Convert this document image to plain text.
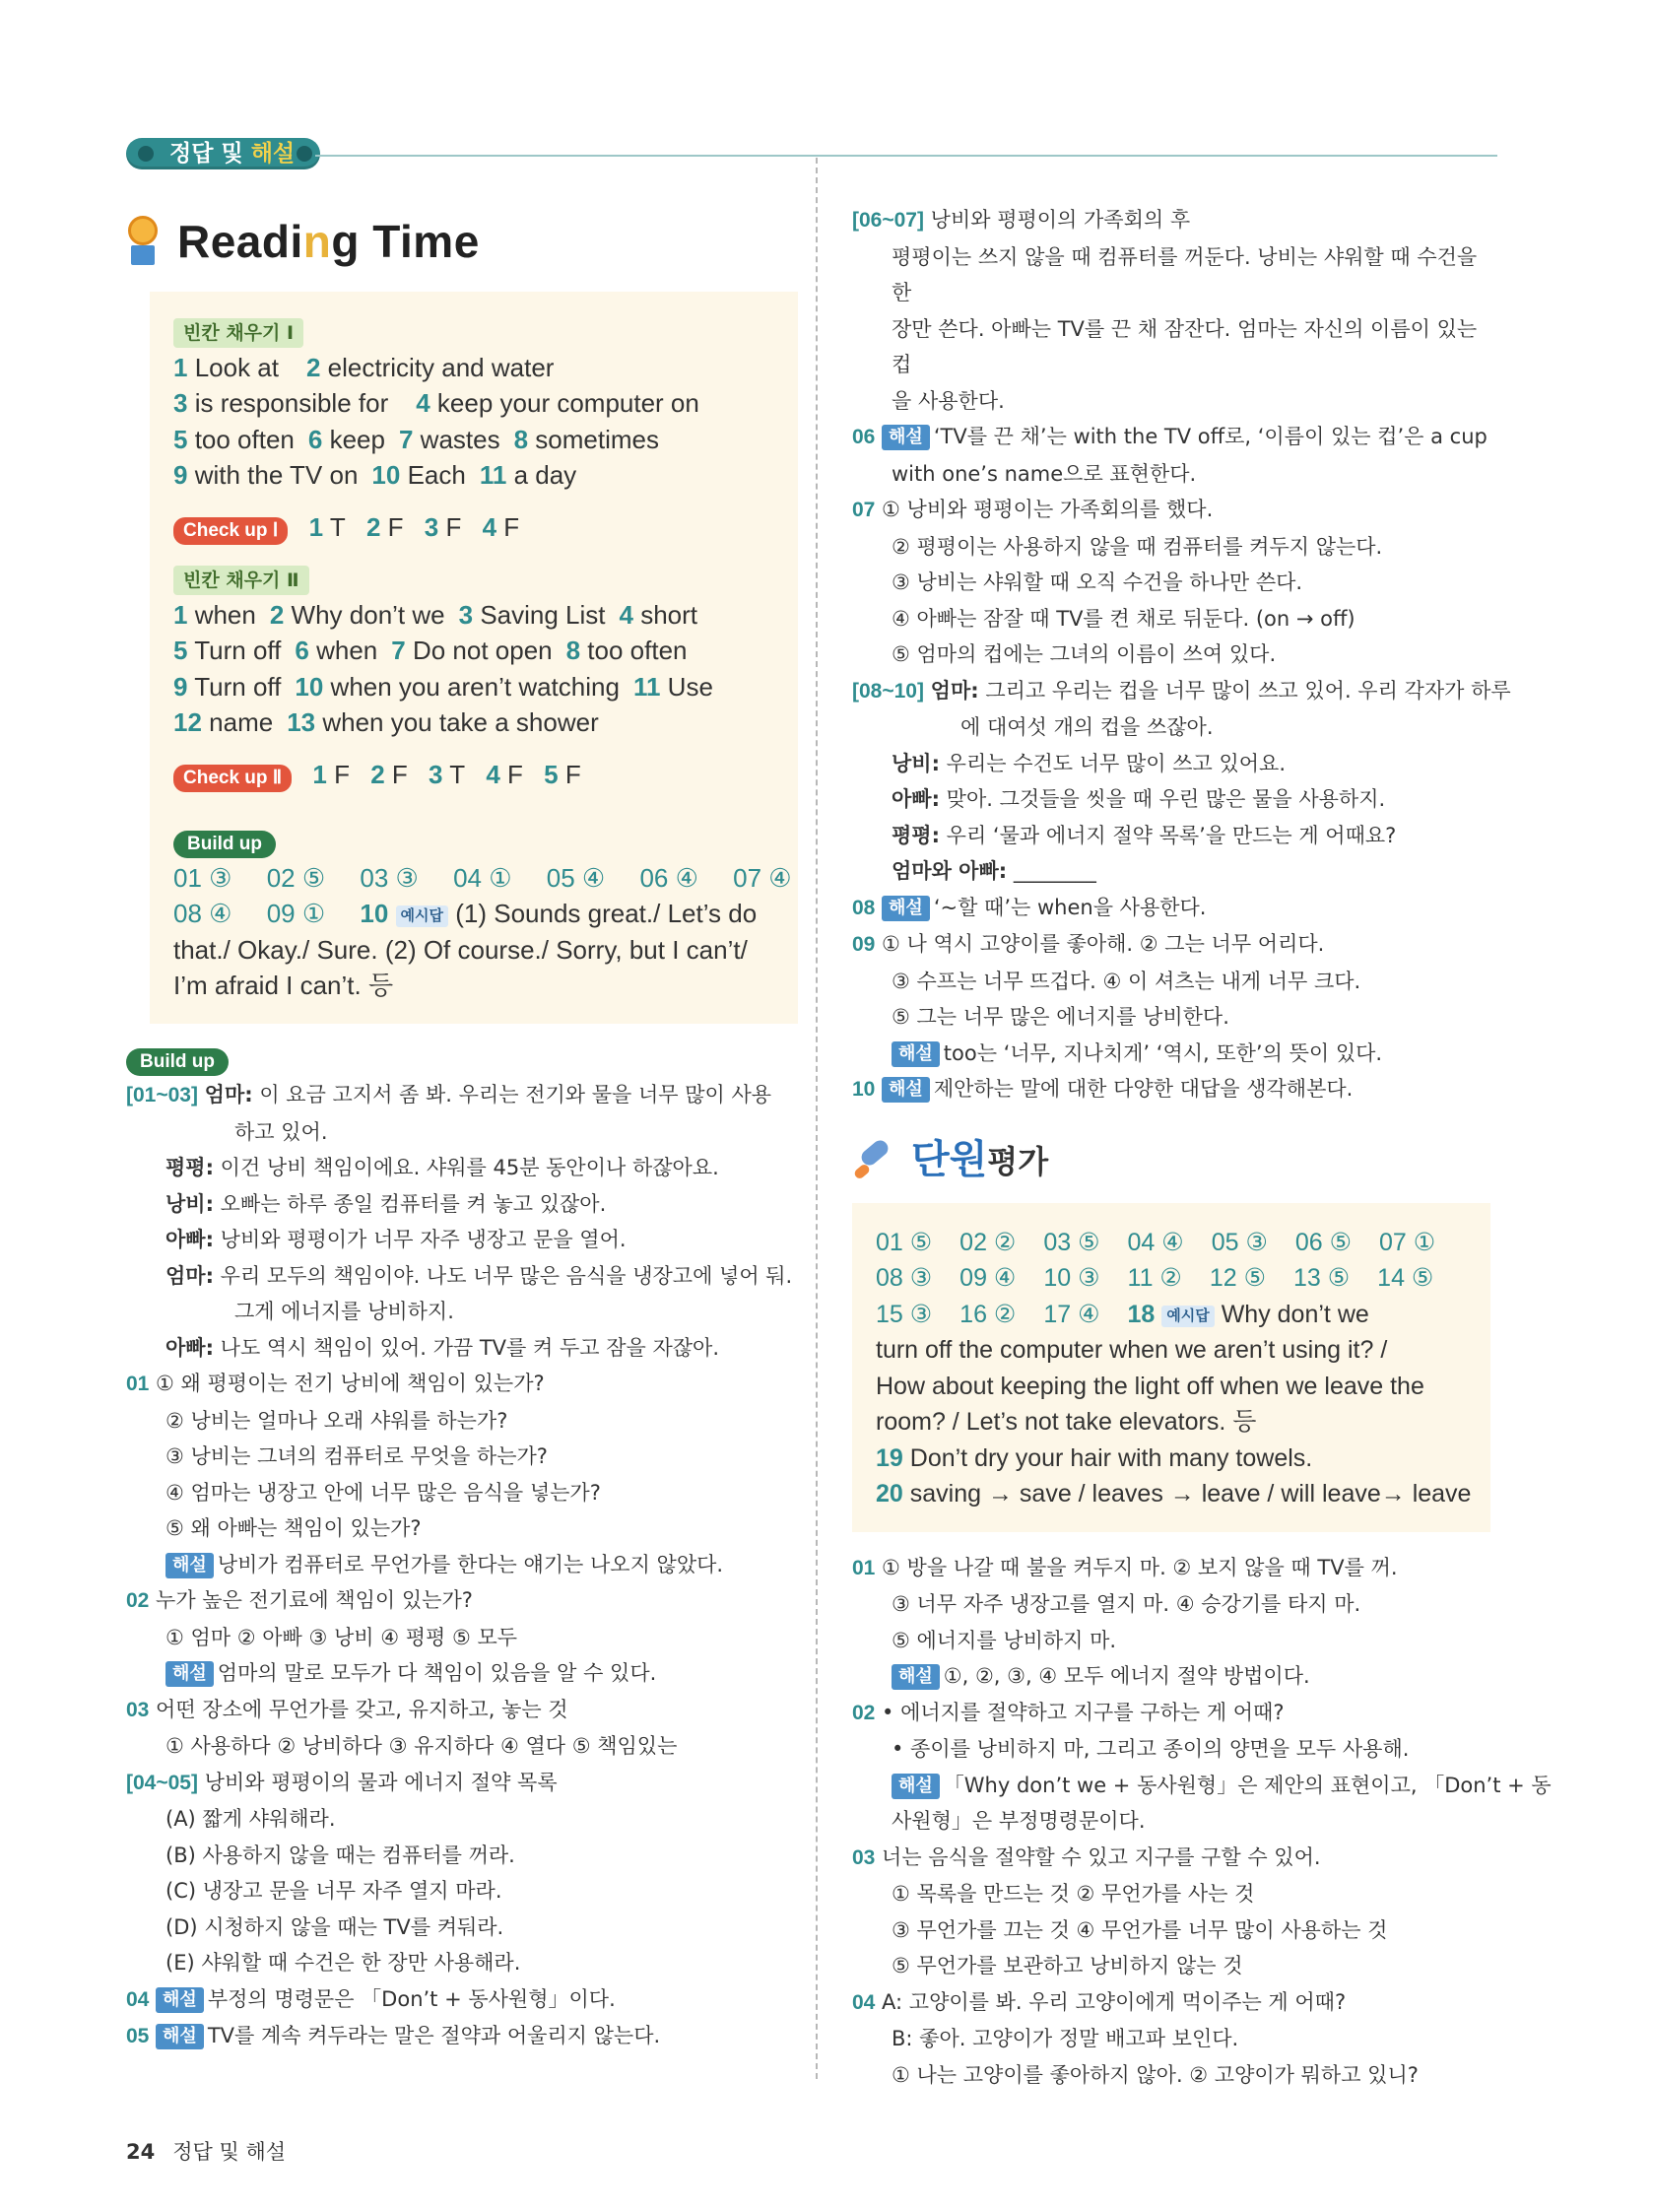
정답 및 해설
Reading Time
빈칸 채우기 Ⅰ
1 Look at 2 electricity and water
3 is responsible for 4 keep your computer on
5 too often 6 keep 7 wastes 8 sometimes
9 with the TV on 10 Each 11 a day
Check up Ⅰ 1 T 2 F 3 F 4 F
빈칸 채우기 Ⅱ
1 when 2 Why don’t we 3 Saving List 4 short
5 Turn off 6 when 7 Do not open 8 too often
9 Turn off 10 when you aren’t watching 11 Use
12 name 13 when you take a shower
Check up Ⅱ 1 F 2 F 3 T 4 F 5 F
Build up
01 ③ 02 ⑤ 03 ③ 04 ① 05 ④ 06 ④ 07 ④
08 ④ 09 ① 10 예시답 (1) Sounds great./ Let’s do
that./ Okay./ Sure. (2) Of course./ Sorry, but I can’t/
I’m afraid I can’t. 등
Build up
[01~03] 엄마: 이 요금 고지서 좀 봐. 우리는 전기와 물을 너무 많이 사용
하고 있어.
평평: 이건 낭비 책임이에요. 샤워를 45분 동안이나 하잖아요.
낭비: 오빠는 하루 종일 컴퓨터를 켜 놓고 있잖아.
아빠: 낭비와 평평이가 너무 자주 냉장고 문을 열어.
엄마: 우리 모두의 책임이야. 나도 너무 많은 음식을 냉장고에 넣어 둬.
그게 에너지를 낭비하지.
아빠: 나도 역시 책임이 있어. 가끔 TV를 켜 두고 잠을 자잖아.
01 ① 왜 평평이는 전기 낭비에 책임이 있는가?
② 낭비는 얼마나 오래 샤워를 하는가?
③ 낭비는 그녀의 컴퓨터로 무엇을 하는가?
④ 엄마는 냉장고 안에 너무 많은 음식을 넣는가?
⑤ 왜 아빠는 책임이 있는가?
해설 낭비가 컴퓨터로 무언가를 한다는 얘기는 나오지 않았다.
02 누가 높은 전기료에 책임이 있는가?
① 엄마 ② 아빠 ③ 낭비 ④ 평평 ⑤ 모두
해설 엄마의 말로 모두가 다 책임이 있음을 알 수 있다.
03 어떤 장소에 무언가를 갖고, 유지하고, 놓는 것
① 사용하다 ② 낭비하다 ③ 유지하다 ④ 열다 ⑤ 책임있는
[04~05] 낭비와 평평이의 물과 에너지 절약 목록
(A) 짧게 샤워해라.
(B) 사용하지 않을 때는 컴퓨터를 꺼라.
(C) 냉장고 문을 너무 자주 열지 마라.
(D) 시청하지 않을 때는 TV를 켜둬라.
(E) 샤워할 때 수건은 한 장만 사용해라.
04 해설 부정의 명령문은 「Don’t + 동사원형」이다.
05 해설 TV를 계속 켜두라는 말은 절약과 어울리지 않는다.
[06~07] 낭비와 평평이의 가족회의 후
평평이는 쓰지 않을 때 컴퓨터를 꺼둔다. 낭비는 샤워할 때 수건을 한
장만 쓴다. 아빠는 TV를 끈 채 잠잔다. 엄마는 자신의 이름이 있는 컵
을 사용한다.
06 해설 ‘TV를 끈 채’는 with the TV off로, ‘이름이 있는 컵’은 a cup
with one’s name으로 표현한다.
07 ① 낭비와 평평이는 가족회의를 했다.
② 평평이는 사용하지 않을 때 컴퓨터를 켜두지 않는다.
③ 낭비는 샤워할 때 오직 수건을 하나만 쓴다.
④ 아빠는 잠잘 때 TV를 켠 채로 뒤둔다. (on → off)
⑤ 엄마의 컵에는 그녀의 이름이 쓰여 있다.
[08~10] 엄마: 그리고 우리는 컵을 너무 많이 쓰고 있어. 우리 각자가 하루
에 대여섯 개의 컵을 쓰잖아.
낭비: 우리는 수건도 너무 많이 쓰고 있어요.
아빠: 맞아. 그것들을 씻을 때 우린 많은 물을 사용하지.
평평: 우리 ‘물과 에너지 절약 목록’을 만드는 게 어때요?
엄마와 아빠: ________
08 해설 ‘~할 때’는 when을 사용한다.
09 ① 나 역시 고양이를 좋아해. ② 그는 너무 어리다.
③ 수프는 너무 뜨겁다. ④ 이 셔츠는 내게 너무 크다.
⑤ 그는 너무 많은 에너지를 낭비한다.
해설 too는 ‘너무, 지나치게’ ‘역시, 또한’의 뜻이 있다.
10 해설 제안하는 말에 대한 다양한 대답을 생각해본다.
단원평가
01 ⑤ 02 ② 03 ⑤ 04 ④ 05 ③ 06 ⑤ 07 ①
08 ③ 09 ④ 10 ③ 11 ② 12 ⑤ 13 ⑤ 14 ⑤
15 ③ 16 ② 17 ④ 18 예시답 Why don’t we
turn off the computer when we aren’t using it? /
How about keeping the light off when we leave the
room? / Let’s not take elevators. 등
19 Don’t dry your hair with many towels.
20 saving → save / leaves → leave / will leave→ leave
01 ① 방을 나갈 때 불을 켜두지 마. ② 보지 않을 때 TV를 꺼.
③ 너무 자주 냉장고를 열지 마. ④ 승강기를 타지 마.
⑤ 에너지를 낭비하지 마.
해설 ①, ②, ③, ④ 모두 에너지 절약 방법이다.
02 • 에너지를 절약하고 지구를 구하는 게 어때?
• 종이를 낭비하지 마, 그리고 종이의 양면을 모두 사용해.
해설 「Why don’t we + 동사원형」은 제안의 표현이고, 「Don’t + 동
사원형」은 부정명령문이다.
03 너는 음식을 절약할 수 있고 지구를 구할 수 있어.
① 목록을 만드는 것 ② 무언가를 사는 것
③ 무언가를 끄는 것 ④ 무언가를 너무 많이 사용하는 것
⑤ 무언가를 보관하고 낭비하지 않는 것
04 A: 고양이를 봐. 우리 고양이에게 먹이주는 게 어때?
B: 좋아. 고양이가 정말 배고파 보인다.
① 나는 고양이를 좋아하지 않아. ② 고양이가 뭐하고 있니?
24 정답 및 해설
